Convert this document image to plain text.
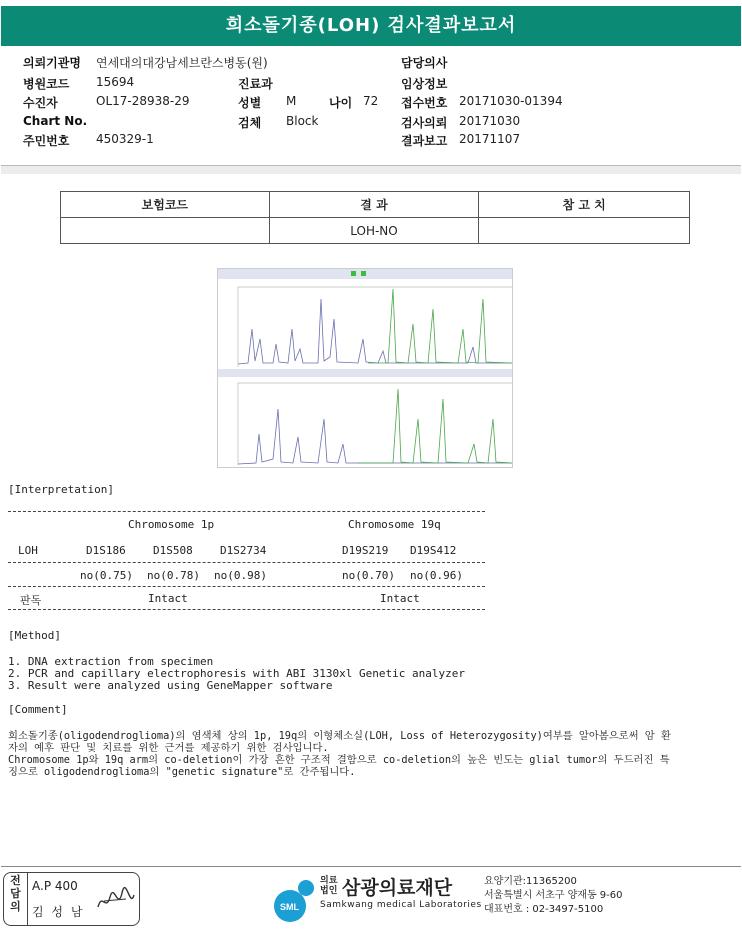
희소돌기종(LOH) 검사결과보고서
의뢰기관명 연세대의대강남세브란스병동(원)	담당의사
병원코드 15694	진료과	임상정보
수진자	OL17-28938-29	성별 M	나이 72 접수번호 20171030-01394
Chart No.	검체 Block	검사의뢰 20171030
주민번호 450329-1	결과보고 20171107
보험코드	결 과	참 고 치
	LOH-NO	
[Interpretation]
Chromosome 1p	Chromosome 19q
LOH	D1S186 D1S508 D1S2734	D19S219 D19S412
no(0.75) no(0.78) no(0.98)	no(0.70) no(0.96)
판독	Intact	Intact
[Method]
1. DNA extraction from specimen
2. PCR and capillary electrophoresis with ABI 3130xl Genetic analyzer
3. Result were analyzed using GeneMapper software
[Comment]
희소돌기종(oligodendroglioma)의 염색체 상의 1p, 19q의 이형체소실(LOH, Loss of Heterozygosity)여부를 알아봄으로써 암 환
자의 예후 판단 및 치료를 위한 근거를 제공하기 위한 검사입니다.
Chromosome 1p와 19q arm의 co-deletion이 가장 흔한 구조적 결함으로 co-deletion의 높은 빈도는 glial tumor의 두드러진 특
징으로 oligodendroglioma의 "genetic signature"로 간주됩니다.
전
담
의
A.P 400
김 성 남	SML
의료
법인 삼광의료재단
Samkwang medical Laboratories
요양기관:11365200
서울특별시 서초구 양재동 9-60
대표번호 : 02-3497-5100
